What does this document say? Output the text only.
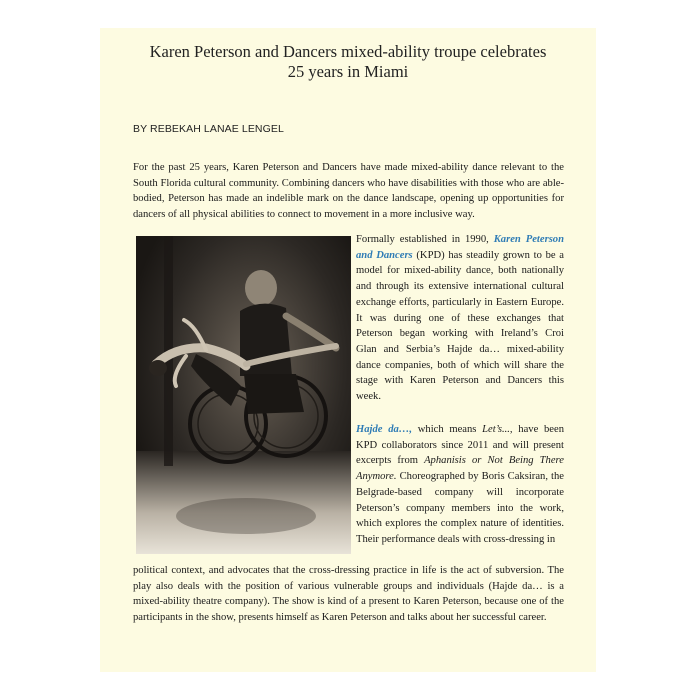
Karen Peterson and Dancers mixed-ability troupe celebrates
25 years in Miami
BY REBEKAH LANAE LENGEL
For the past 25 years, Karen Peterson and Dancers have made mixed-ability dance relevant to the South Florida cultural community. Combining dancers who have disabilities with those who are able-bodied, Peterson has made an indelible mark on the dance landscape, opening up opportunities for dancers of all physical abilities to connect to movement in a more inclusive way.
Formally established in 1990, Karen Peterson and Dancers (KPD) has steadily grown to be a model for mixed-ability dance, both nationally and through its extensive international cultural exchange efforts, particularly in Eastern Europe. It was during one of these exchanges that Peterson began working with Ireland’s Croi Glan and Serbia’s Hajde da… mixed-ability dance companies, both of which will share the stage with Karen Peterson and Dancers this week.
Hajde da…, which means Let’s..., have been KPD collaborators since 2011 and will present excerpts from Aphanisis or Not Being There Anymore. Choreographed by Boris Caksiran, the Belgrade-based company will incorporate Peterson’s company members into the work, which explores the complex nature of identities. Their performance deals with cross-dressing in
political context, and advocates that the cross-dressing practice in life is the act of subversion. The play also deals with the position of various vulnerable groups and individuals (Hajde da… is a mixed-ability theatre company). The show is kind of a present to Karen Peterson, because one of the participants in the show, presents himself as Karen Peterson and talks about her successful career.
